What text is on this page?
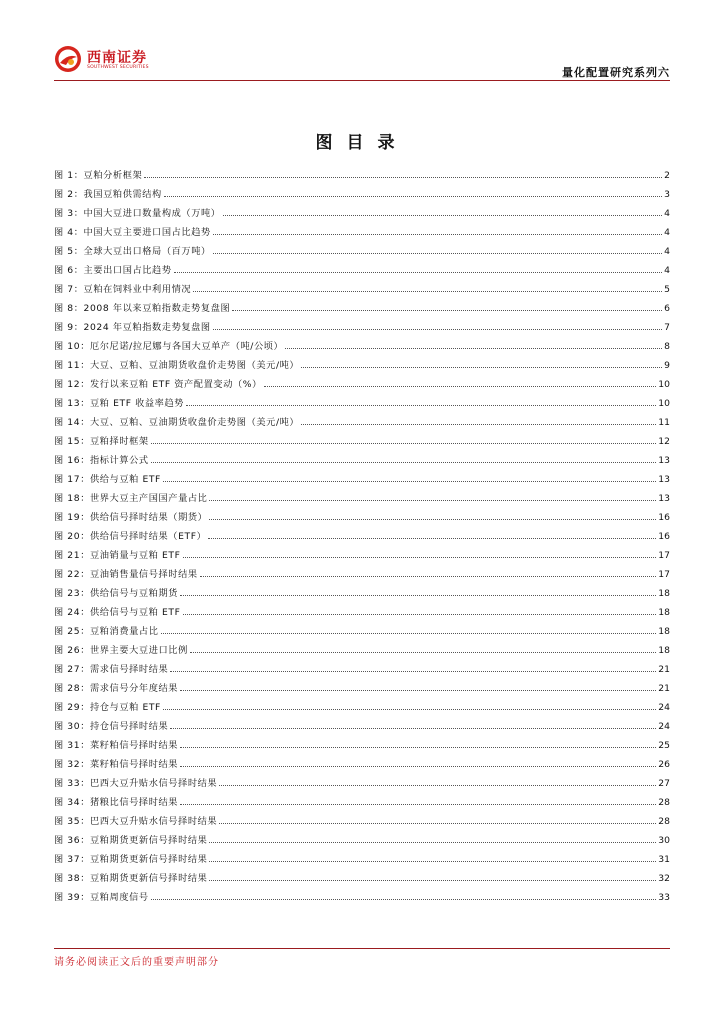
西南证券
SOUTHWEST SECURITIES	量化配置研究系列六
图目录
图 1：豆粕分析框架	2
图 2：我国豆粕供需结构	3
图 3：中国大豆进口数量构成（万吨）	4
图 4：中国大豆主要进口国占比趋势	4
图 5：全球大豆出口格局（百万吨）	4
图 6：主要出口国占比趋势	4
图 7：豆粕在饲料业中利用情况	5
图 8：2008 年以来豆粕指数走势复盘图	6
图 9：2024 年豆粕指数走势复盘图	7
图 10：厄尔尼诺/拉尼娜与各国大豆单产（吨/公顷）	8
图 11：大豆、豆粕、豆油期货收盘价走势图（美元/吨）	9
图 12：发行以来豆粕 ETF 资产配置变动（%）	10
图 13：豆粕 ETF 收益率趋势	10
图 14：大豆、豆粕、豆油期货收盘价走势图（美元/吨）	11
图 15：豆粕择时框架	12
图 16：指标计算公式	13
图 17：供给与豆粕 ETF	13
图 18：世界大豆主产国国产量占比	13
图 19：供给信号择时结果（期货）	16
图 20：供给信号择时结果（ETF）	16
图 21：豆油销量与豆粕 ETF	17
图 22：豆油销售量信号择时结果	17
图 23：供给信号与豆粕期货	18
图 24：供给信号与豆粕 ETF	18
图 25：豆粕消费量占比	18
图 26：世界主要大豆进口比例	18
图 27：需求信号择时结果	21
图 28：需求信号分年度结果	21
图 29：持仓与豆粕 ETF	24
图 30：持仓信号择时结果	24
图 31：菜籽粕信号择时结果	25
图 32：菜籽粕信号择时结果	26
图 33：巴西大豆升贴水信号择时结果	27
图 34：猪粮比信号择时结果	28
图 35：巴西大豆升贴水信号择时结果	28
图 36：豆粕期货更新信号择时结果	30
图 37：豆粕期货更新信号择时结果	31
图 38：豆粕期货更新信号择时结果	32
图 39：豆粕周度信号	33
请务必阅读正文后的重要声明部分
